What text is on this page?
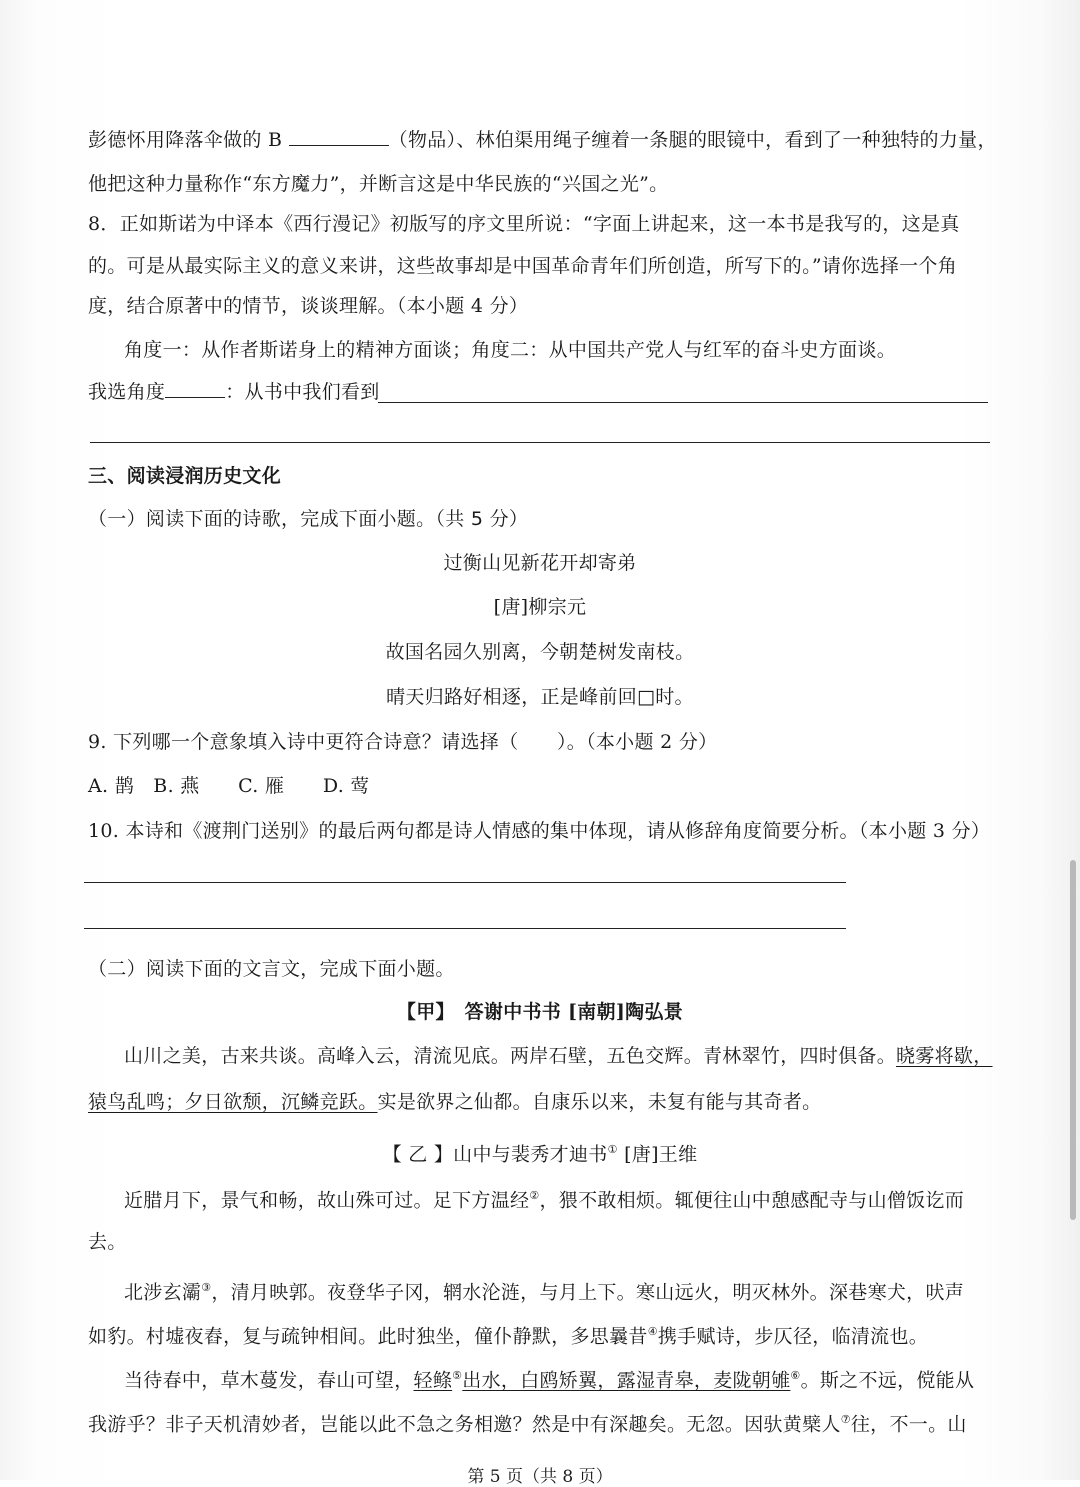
彭德怀用降落伞做的 B	（物品）、林伯渠用绳子缠着一条腿的眼镜中，看到了一种独特的力量，
他把这种力量称作“东方魔力”，并断言这是中华民族的“兴国之光”。
8．正如斯诺为中译本《西行漫记》初版写的序文里所说：“字面上讲起来，这一本书是我写的，这是真
的。可是从最实际主义的意义来讲，这些故事却是中国革命青年们所创造，所写下的。”请你选择一个角
度，结合原著中的情节，谈谈理解。（本小题 4 分）
角度一：从作者斯诺身上的精神方面谈；角度二：从中国共产党人与红军的奋斗史方面谈。
我选角度	：从书中我们看到
三、阅读浸润历史文化
（一）阅读下面的诗歌，完成下面小题。（共 5 分）
过衡山见新花开却寄弟
[唐]柳宗元
故国名园久别离，今朝楚树发南枝。
晴天归路好相逐，正是峰前回□时。
9. 下列哪一个意象填入诗中更符合诗意？请选择（　　）。（本小题 2 分）
A. 鹊　B. 燕　　C. 雁　　D. 莺
10. 本诗和《渡荆门送别》的最后两句都是诗人情感的集中体现，请从修辞角度简要分析。（本小题 3 分）
（二）阅读下面的文言文，完成下面小题。
【甲】　答谢中书书 [南朝]陶弘景
山川之美，古来共谈。高峰入云，清流见底。两岸石壁，五色交辉。青林翠竹，四时俱备。晓雾将歇，
猿鸟乱鸣；夕日欲颓，沉鳞竞跃。实是欲界之仙都。自康乐以来，未复有能与其奇者。
【 乙 】山中与裴秀才迪书① [唐]王维
近腊月下，景气和畅，故山殊可过。足下方温经②，猥不敢相烦。辄便往山中憩感配寺与山僧饭讫而
去。
北涉玄灞③，清月映郭。夜登华子冈，辋水沦涟，与月上下。寒山远火，明灭林外。深巷寒犬，吠声
如豹。村墟夜舂，复与疏钟相间。此时独坐，僮仆静默，多思曩昔④携手赋诗，步仄径，临清流也。
当待春中，草木蔓发，春山可望，轻鲦⑤出水，白鸥矫翼，露湿青皋，麦陇朝雊⑥。斯之不远，傥能从
我游乎？非子天机清妙者，岂能以此不急之务相邀？然是中有深趣矣。无忽。因驮黄檗人⑦往，不一。山
第 5 页（共 8 页）
